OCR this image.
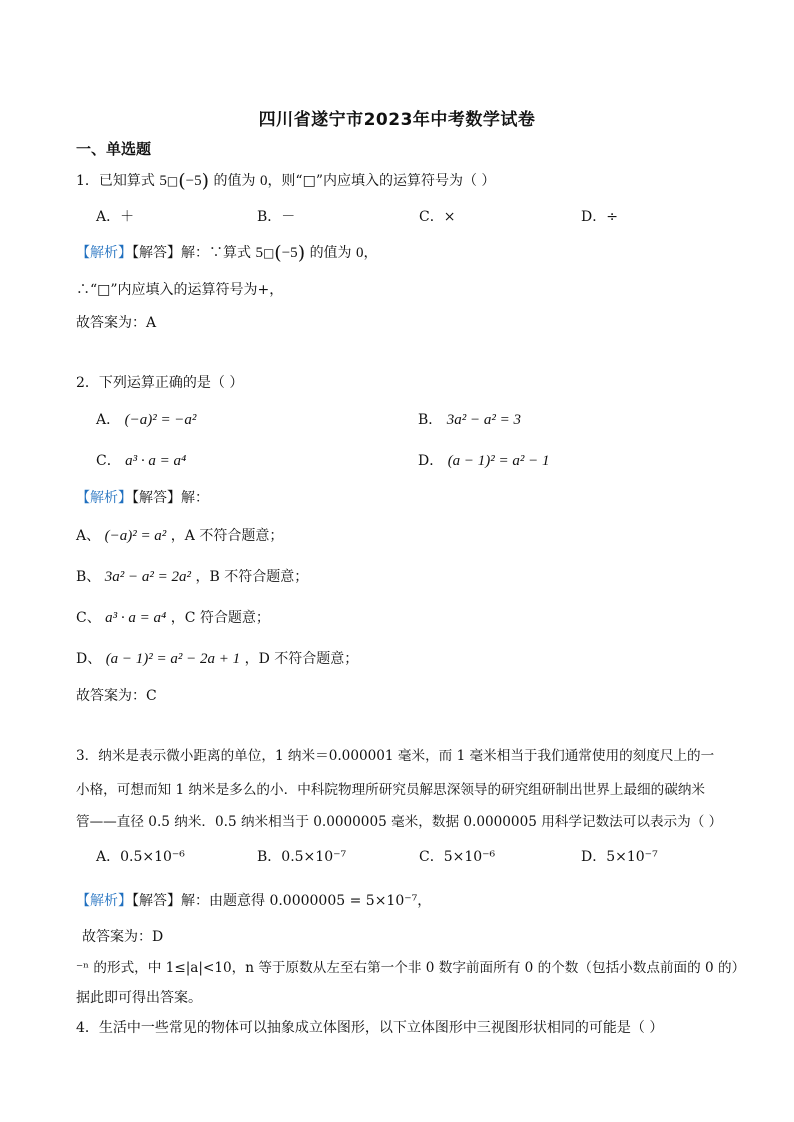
四川省遂宁市2023年中考数学试卷
一、单选题
1．已知算式 5□(−5) 的值为 0，则“□”内应填入的运算符号为（ ）
A．＋	B．－	C．×	D．÷
【解析】【解答】解：∵算式 5□(−5) 的值为 0，
∴“□”内应填入的运算符号为+，
故答案为：A
2．下列运算正确的是（ ）
A． (−a)² = −a²	B． 3a² − a² = 3
C． a³ · a = a⁴	D． (a − 1)² = a² − 1
【解析】【解答】解：
A、 (−a)² = a² ，A 不符合题意；
B、 3a² − a² = 2a² ，B 不符合题意；
C、 a³ · a = a⁴ ，C 符合题意；
D、 (a − 1)² = a² − 2a + 1 ，D 不符合题意；
故答案为：C
3．纳米是表示微小距离的单位，1 纳米＝0.000001 毫米，而 1 毫米相当于我们通常使用的刻度尺上的一
小格，可想而知 1 纳米是多么的小．中科院物理所研究员解思深领导的研究组研制出世界上最细的碳纳米
管——直径 0.5 纳米．0.5 纳米相当于 0.0000005 毫米，数据 0.0000005 用科学记数法可以表示为（ ）
A．0.5×10⁻⁶	B．0.5×10⁻⁷	C．5×10⁻⁶	D．5×10⁻⁷
【解析】【解答】解：由题意得 0.0000005 = 5×10⁻⁷，
故答案为：D
⁻ⁿ 的形式，中 1≤|a|<10，n 等于原数从左至右第一个非 0 数字前面所有 0 的个数（包括小数点前面的 0 的）
据此即可得出答案。
4．生活中一些常见的物体可以抽象成立体图形，以下立体图形中三视图形状相同的可能是（ ）
